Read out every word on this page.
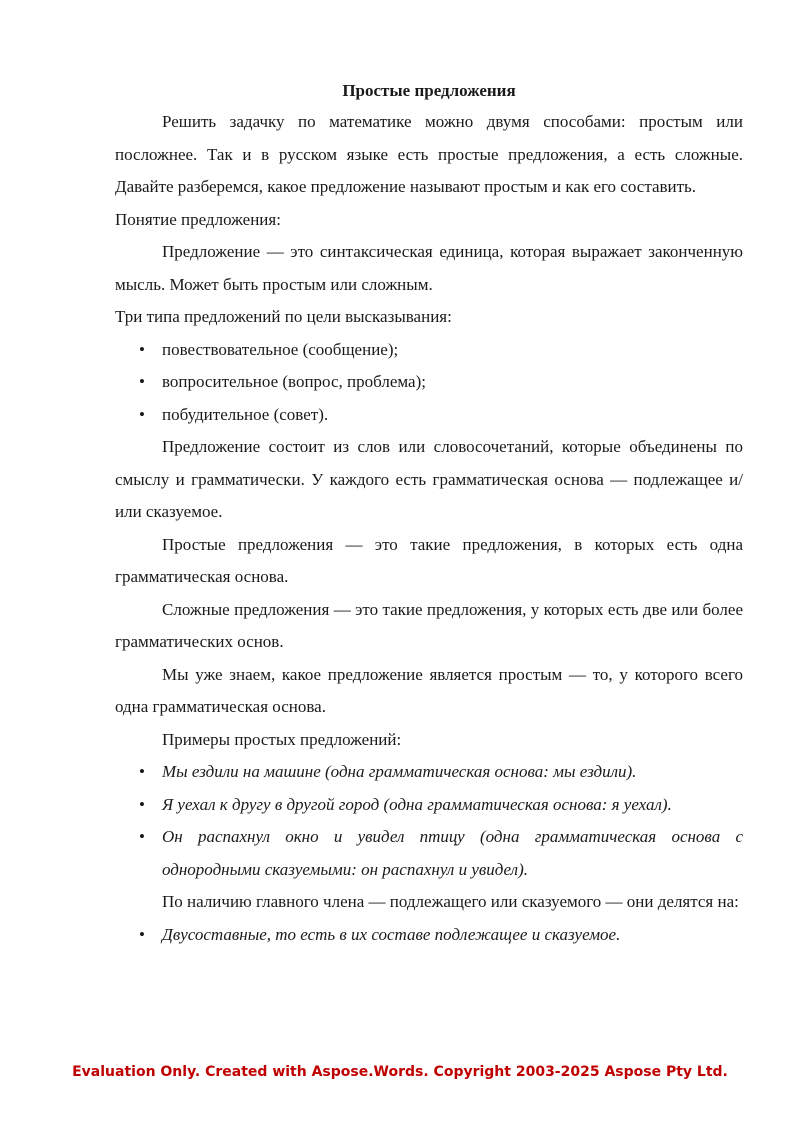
Простые предложения

Решить задачку по математике можно двумя способами: простым или посложнее. Так и в русском языке есть простые предложения, а есть сложные. Давайте разберемся, какое предложение называют простым и как его составить.

Понятие предложения:

Предложение — это синтаксическая единица, которая выражает законченную мысль. Может быть простым или сложным.

Три типа предложений по цели высказывания:

• повествовательное (сообщение);
• вопросительное (вопрос, проблема);
• побудительное (совет).

Предложение состоит из слов или словосочетаний, которые объединены по смыслу и грамматически. У каждого есть грамматическая основа — подлежащее и/или сказуемое.

Простые предложения — это такие предложения, в которых есть одна грамматическая основа.

Сложные предложения — это такие предложения, у которых есть две или более грамматических основ.

Мы уже знаем, какое предложение является простым — то, у которого всего одна грамматическая основа.

Примеры простых предложений:

• Мы ездили на машине (одна грамматическая основа: мы ездили).
• Я уехал к другу в другой город (одна грамматическая основа: я уехал).
• Он распахнул окно и увидел птицу (одна грамматическая основа с однородными сказуемыми: он распахнул и увидел).

По наличию главного члена — подлежащего или сказуемого — они делятся на:

• Двусоставные, то есть в их составе подлежащее и сказуемое.
Evaluation Only. Created with Aspose.Words. Copyright 2003-2025 Aspose Pty Ltd.
